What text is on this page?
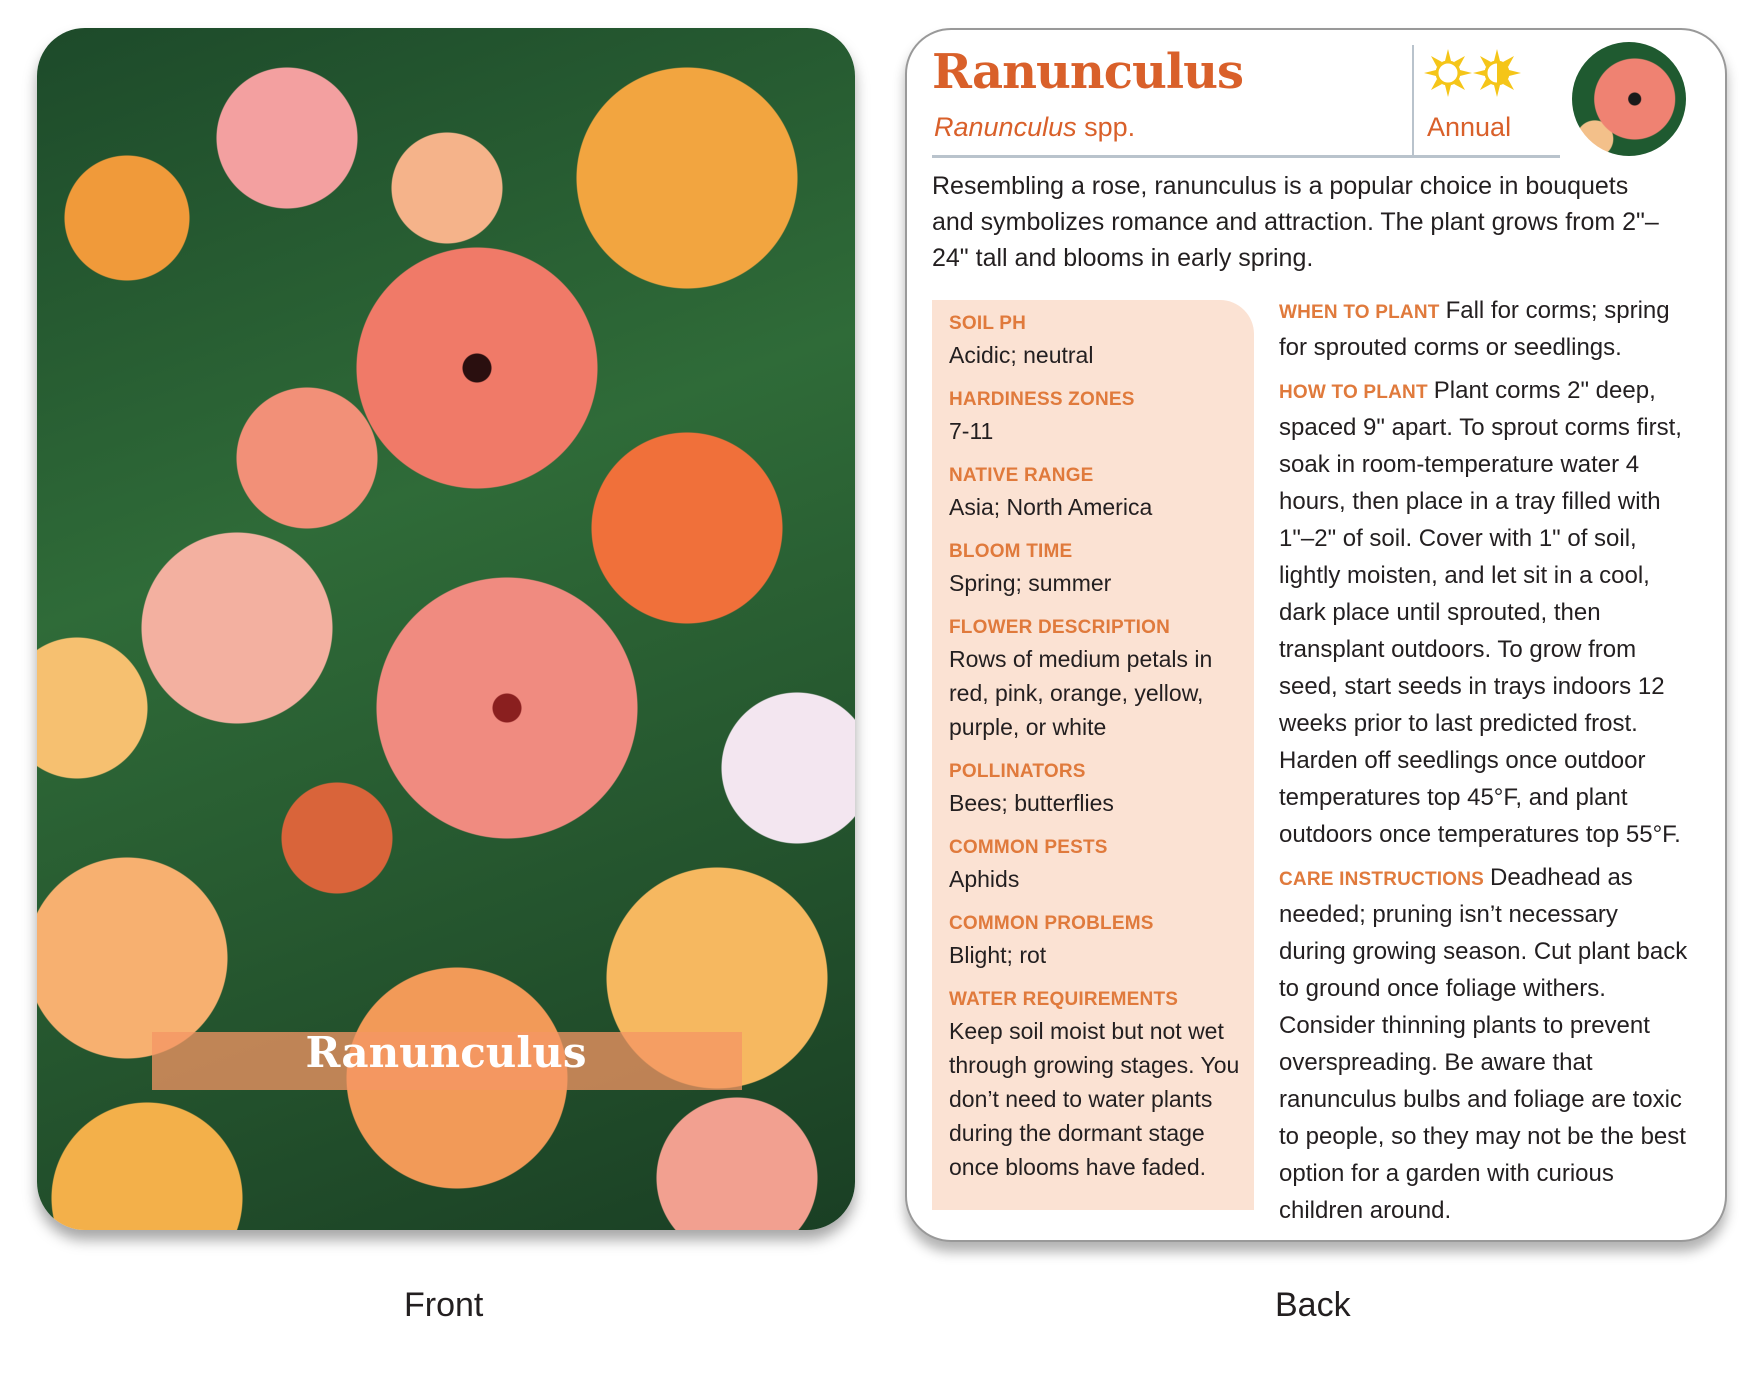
Ranunculus
Front
Ranunculus
Ranunculus spp.	Annual
Resembling a rose, ranunculus is a popular choice in bouquets and symbolizes romance and attraction. The plant grows from 2"–24" tall and blooms in early spring.
SOIL PH
Acidic; neutral
HARDINESS ZONES
7-11
NATIVE RANGE
Asia; North America
BLOOM TIME
Spring; summer
FLOWER DESCRIPTION
Rows of medium petals in red, pink, orange, yellow, purple, or white
POLLINATORS
Bees; butterflies
COMMON PESTS
Aphids
COMMON PROBLEMS
Blight; rot
WATER REQUIREMENTS
Keep soil moist but not wet through growing stages. You don’t need to water plants during the dormant stage once blooms have faded.

WHEN TO PLANT Fall for corms; spring for sprouted corms or seedlings.

HOW TO PLANT Plant corms 2" deep, spaced 9" apart. To sprout corms first, soak in room-temperature water 4 hours, then place in a tray filled with 1"–2" of soil. Cover with 1" of soil, lightly moisten, and let sit in a cool, dark place until sprouted, then transplant outdoors. To grow from seed, start seeds in trays indoors 12 weeks prior to last predicted frost. Harden off seedlings once outdoor temperatures top 45°F, and plant outdoors once temperatures top 55°F.

CARE INSTRUCTIONS Deadhead as needed; pruning isn’t necessary during growing season. Cut plant back to ground once foliage withers. Consider thinning plants to prevent overspreading. Be aware that ranunculus bulbs and foliage are toxic to people, so they may not be the best option for a garden with curious children around.

Back
